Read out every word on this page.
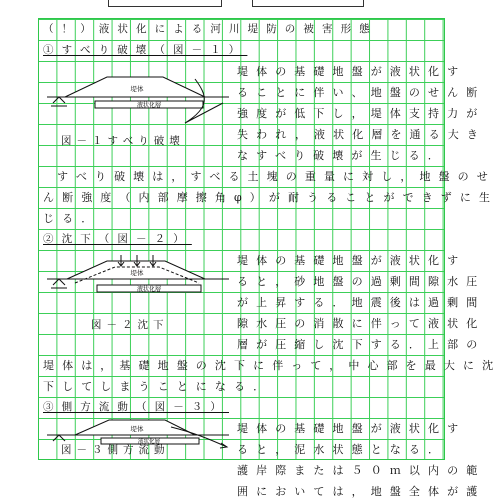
（！）液状化による河川堤防の被害形態
①すべり破壊（図－１）
堤体
液状化層
図－１すべり破壊
堤体の基礎地盤が液状化す
ることに伴い、地盤のせん断
強度が低下し，堤体支持力が
失われ，液状化層を通る大き
なすべり破壊が生じる．
すべり破壊は，すべる土塊の重量に対し，地盤のせ
ん断強度（内部摩擦角φ）が耐うることができずに生
じる．
②沈下（図－２）
堤体
液状化層
図－２沈下
堤体の基礎地盤が液状化す
ると，砂地盤の過剰間隙水圧
が上昇する．地震後は過剰間
隙水圧の消散に伴って液状化
層が圧縮し沈下する．上部の
堤体は，基礎地盤の沈下に伴って，中心部を最大に沈
下してしまうことになる．
③側方流動（図－３）
堤体
液状化層
図－３側方流動
堤体の基礎地盤が液状化す
ると，泥水状態となる．
護岸際または５０ｍ以内の範
囲においては，地盤全体が護
